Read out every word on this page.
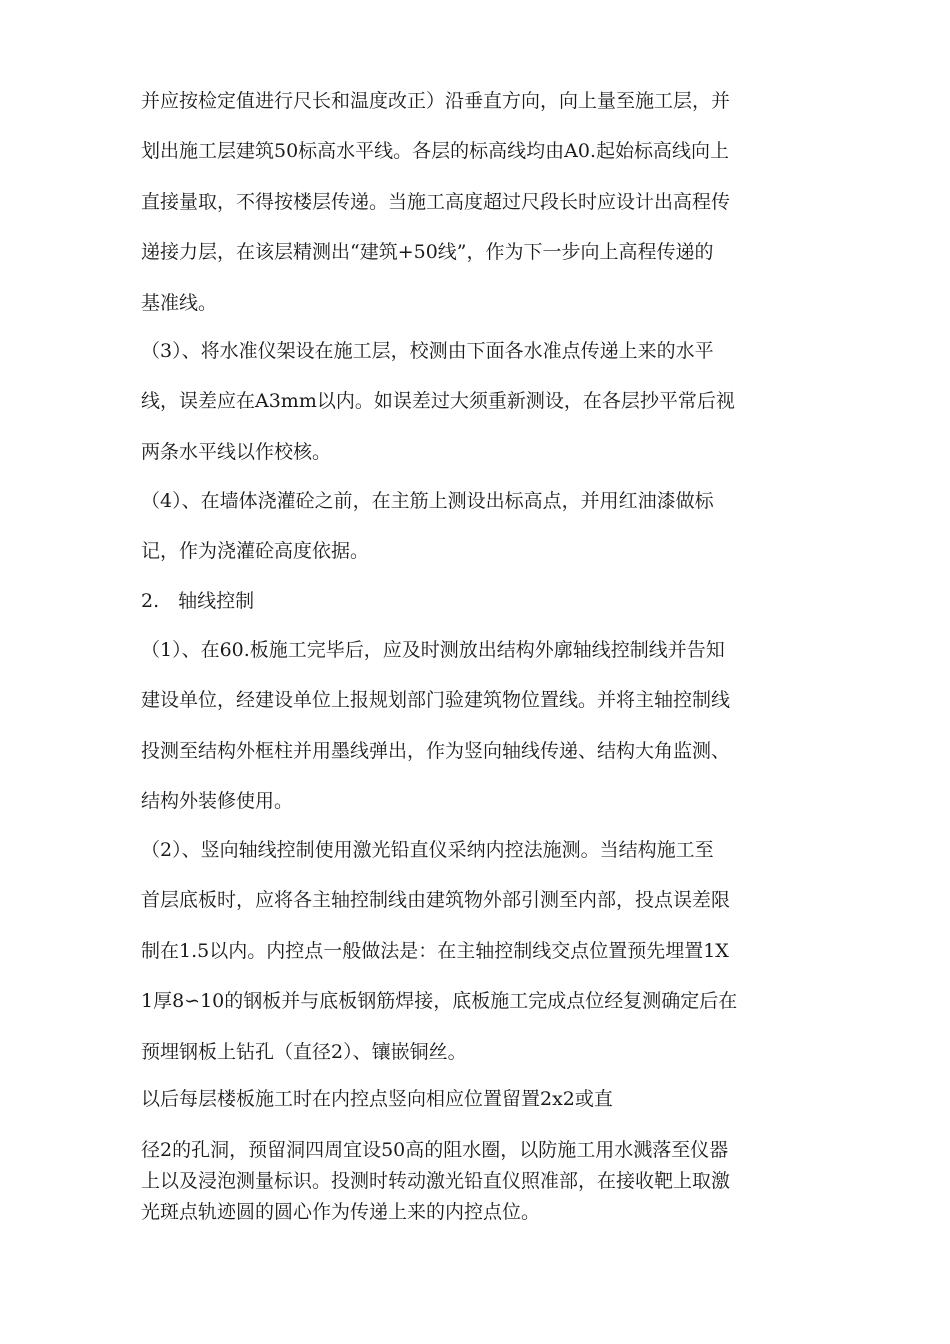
并应按检定值进行尺长和温度改正）沿垂直方向，向上量至施工层，并
划出施工层建筑50标高水平线。各层的标高线均由A0.起始标高线向上
直接量取，不得按楼层传递。当施工高度超过尺段长时应设计出高程传
递接力层，在该层精测出“建筑+50线”，作为下一步向上高程传递的
基准线。
（3）、将水准仪架设在施工层，校测由下面各水准点传递上来的水平
线，误差应在A3mm以内。如误差过大须重新测设，在各层抄平常后视
两条水平线以作校核。
（4）、在墙体浇灌砼之前，在主筋上测设出标高点，并用红油漆做标
记，作为浇灌砼高度依据。
2.　轴线控制
（1）、在60.板施工完毕后，应及时测放出结构外廓轴线控制线并告知
建设单位，经建设单位上报规划部门验建筑物位置线。并将主轴控制线
投测至结构外框柱并用墨线弹出，作为竖向轴线传递、结构大角监测、
结构外装修使用。
（2）、竖向轴线控制使用激光铅直仪采纳内控法施测。当结构施工至
首层底板时，应将各主轴控制线由建筑物外部引测至内部，投点误差限
制在1.5以内。内控点一般做法是：在主轴控制线交点位置预先埋置1X
1厚8∽10的钢板并与底板钢筋焊接，底板施工完成点位经复测确定后在
预埋钢板上钻孔（直径2）、镶嵌铜丝。
以后每层楼板施工时在内控点竖向相应位置留置2x2或直
径2的孔洞，预留洞四周宜设50高的阻水圈，以防施工用水溅落至仪器
上以及浸泡测量标识。投测时转动激光铅直仪照准部，在接收靶上取激
光斑点轨迹圆的圆心作为传递上来的内控点位。
